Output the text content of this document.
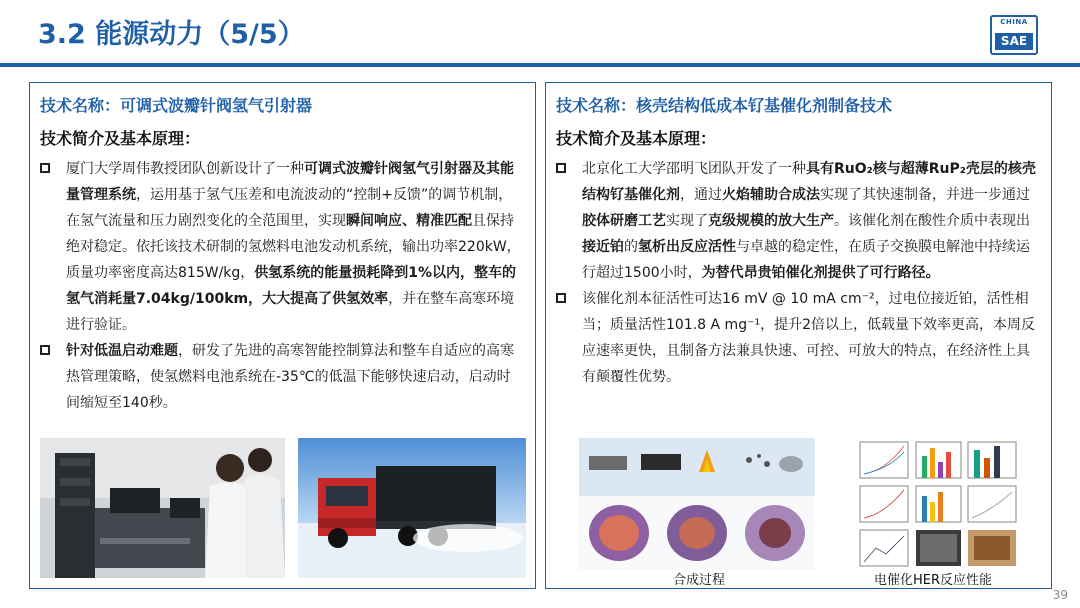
3.2 能源动力（5/5）	CHINA
SAE
技术名称：可调式波瓣针阀氢气引射器
技术简介及基本原理：
厦门大学周伟教授团队创新设计了一种可调式波瓣针阀氢气引射器及其能量管理系统，运用基于氢气压差和电流波动的“控制+反馈”的调节机制，在氢气流量和压力剧烈变化的全范围里，实现瞬间响应、精准匹配且保持绝对稳定。依托该技术研制的氢燃料电池发动机系统，输出功率220kW，质量功率密度高达815W/kg，供氢系统的能量损耗降到1%以内，整车的氢气消耗量7.04kg/100km，大大提高了供氢效率，并在整车高寒环境进行验证。
针对低温启动难题，研发了先进的高寒智能控制算法和整车自适应的高寒热管理策略，使氢燃料电池系统在-35℃的低温下能够快速启动，启动时间缩短至140秒。
技术名称：核壳结构低成本钌基催化剂制备技术
技术简介及基本原理：
北京化工大学邵明飞团队开发了一种具有RuO₂核与超薄RuP₂壳层的核壳结构钌基催化剂，通过火焰辅助合成法实现了其快速制备，并进一步通过胶体研磨工艺实现了克级规模的放大生产。该催化剂在酸性介质中表现出接近铂的氢析出反应活性与卓越的稳定性，在质子交换膜电解池中持续运行超过1500小时，为替代昂贵铂催化剂提供了可行路径。
该催化剂本征活性可达16 mV @ 10 mA cm⁻²，过电位接近铂，活性相当；质量活性101.8 A mg⁻¹，提升2倍以上，低载量下效率更高，本周反应速率更快，且制备方法兼具快速、可控、可放大的特点，在经济性上具有颠覆性优势。
合成过程	电催化HER反应性能
39
